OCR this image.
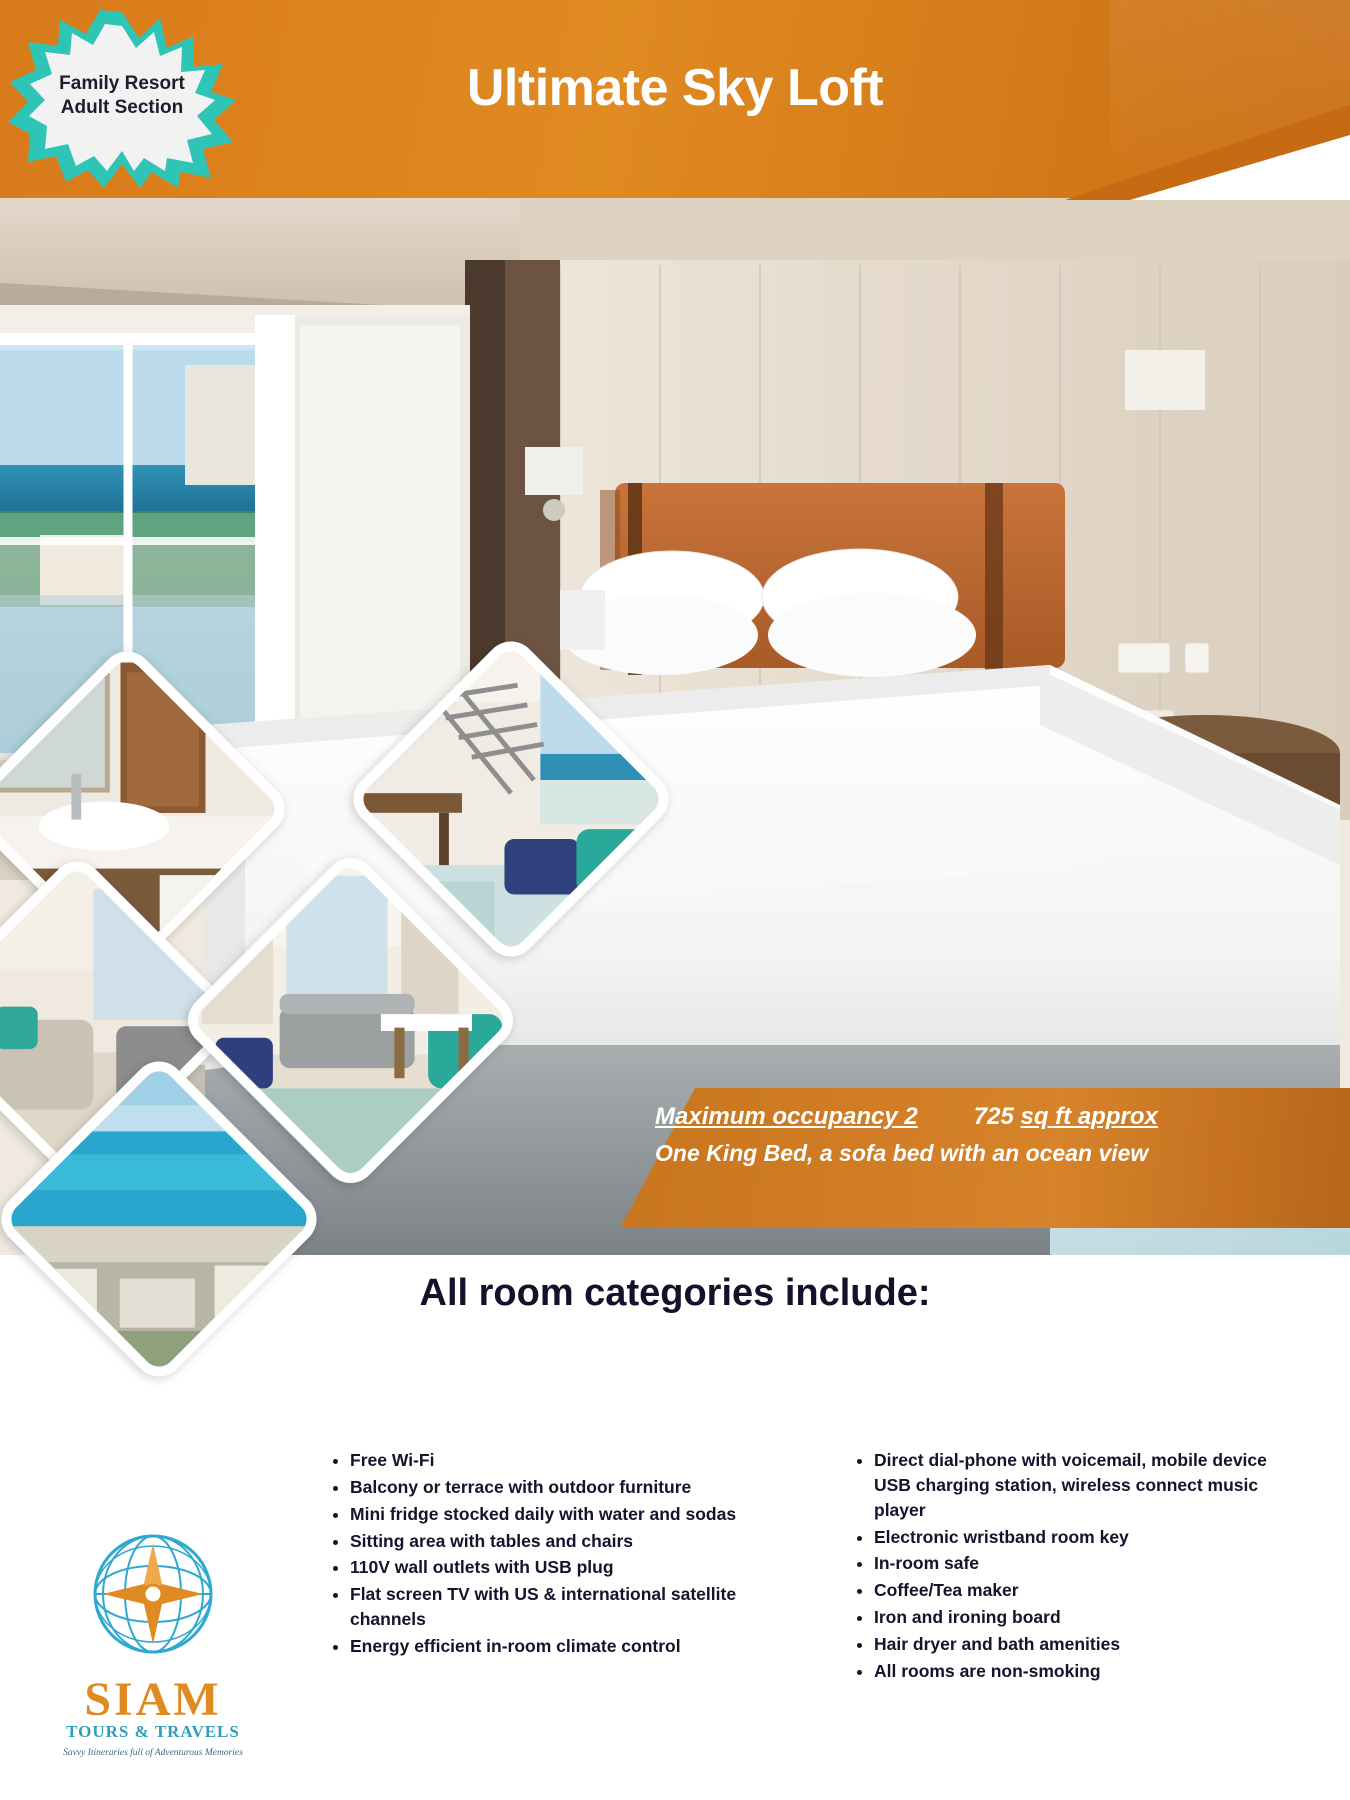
Ultimate Sky Loft
Family Resort
Adult Section
Maximum occupancy 2 725 sq ft approx
One King Bed, a sofa bed with an ocean view
All room categories include:
• Free Wi-Fi
• Balcony or terrace with outdoor furniture
• Mini fridge stocked daily with water and sodas
• Sitting area with tables and chairs
• 110V wall outlets with USB plug
• Flat screen TV with US & international satellite channels
• Energy efficient in-room climate control
• Direct dial-phone with voicemail, mobile device USB charging station, wireless connect music player
• Electronic wristband room key
• In-room safe
• Coffee/Tea maker
• Iron and ironing board
• Hair dryer and bath amenities
• All rooms are non-smoking
SIAM
TOURS & TRAVELS
Savvy Itineraries full of Adventurous Memories
